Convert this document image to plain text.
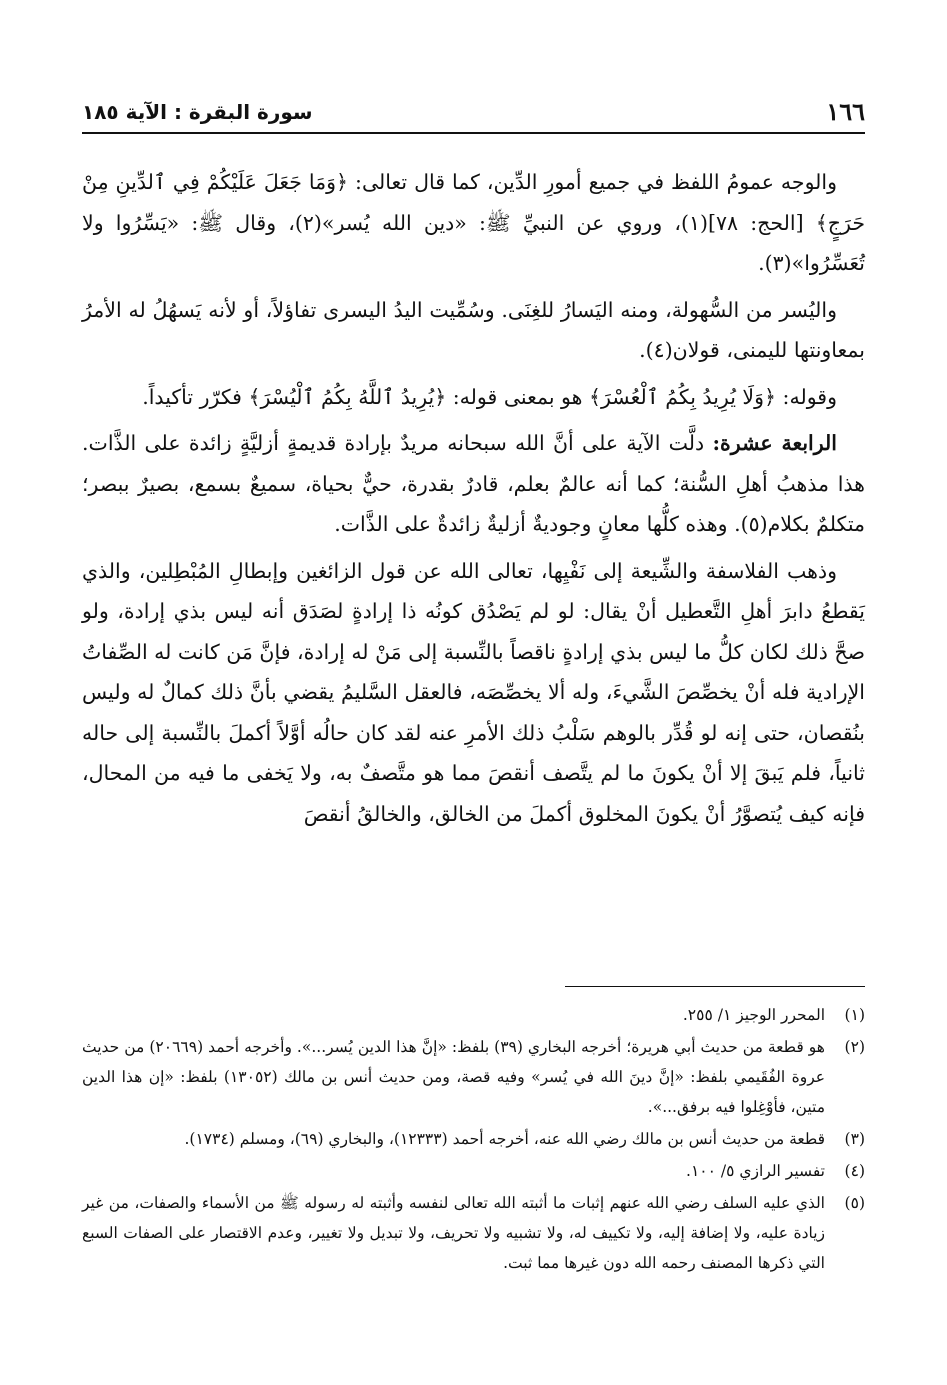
١٦٦
سورة البقرة : الآية ١٨٥

والوجه عمومُ اللفظ في جميع أمورِ الدِّين، كما قال تعالى: ﴿وَمَا جَعَلَ عَلَيْكُمْ فِي ٱلدِّينِ مِنْ حَرَجٍ﴾ [الحج: ٧٨](١)، وروي عن النبيِّ ﷺ: «دين الله يُسر»(٢)، وقال ﷺ: «يَسِّرُوا ولا تُعَسِّرُوا»(٣).

واليُسر من السُّهولة، ومنه اليَسارُ للغِنَى. وسُمِّيت اليدُ اليسرى تفاؤلاً، أو لأنه يَسهُلُ له الأمرُ بمعاونتها لليمنى، قولان(٤).

وقوله: ﴿وَلَا يُرِيدُ بِكُمُ ٱلْعُسْرَ﴾ هو بمعنى قوله: ﴿يُرِيدُ ٱللَّهُ بِكُمُ ٱلْيُسْرَ﴾ فكرّر تأكيداً.

الرابعة عشرة: دلَّت الآية على أنَّ الله سبحانه مريدٌ بإرادة قديمةٍ أزليَّةٍ زائدة على الذَّات. هذا مذهبُ أهلِ السُّنة؛ كما أنه عالمٌ بعلم، قادرٌ بقدرة، حيٌّ بحياة، سميعٌ بسمع، بصيرٌ ببصر؛ متكلمٌ بكلام(٥). وهذه كلُّها معانٍ وجوديةٌ أزليةٌ زائدةٌ على الذَّات.

وذهب الفلاسفة والشِّيعة إلى نَفْيِها، تعالى الله عن قول الزائغين وإبطالِ المُبْطِلين، والذي يَقطعُ دابرَ أهلِ التَّعطيل أنْ يقال: لو لم يَصْدُق كونُه ذا إرادةٍ لصَدَق أنه ليس بذي إرادة، ولو صحَّ ذلك لكان كلُّ ما ليس بذي إرادةٍ ناقصاً بالنِّسبة إلى مَنْ له إرادة، فإنَّ مَن كانت له الصِّفاتُ الإرادية فله أنْ يخصِّصَ الشَّيءَ، وله ألا يخصِّصَه، فالعقل السَّليمُ يقضي بأنَّ ذلك كمالٌ له وليس بنُقصان، حتى إنه لو قُدِّر بالوهم سَلْبُ ذلك الأمرِ عنه لقد كان حالُه أوَّلاً أكملَ بالنِّسبة إلى حاله ثانياً، فلم يَبقَ إلا أنْ يكونَ ما لم يتَّصف أنقصَ مما هو متَّصفٌ به، ولا يَخفى ما فيه من المحال، فإنه كيف يُتصوَّرُ أنْ يكونَ المخلوق أكملَ من الخالق، والخالقُ أنقصَ

(١)
المحرر الوجيز ١/ ٢٥٥.
(٢)
هو قطعة من حديث أبي هريرة؛ أخرجه البخاري (٣٩) بلفظ: «إنَّ هذا الدين يُسر...». وأخرجه أحمد (٢٠٦٦٩) من حديث عروة الفُقَيمي بلفظ: «إنَّ دينَ الله في يُسر» وفيه قصة، ومن حديث أنس بن مالك (١٣٠٥٢) بلفظ: «إن هذا الدين متين، فأوْغِلوا فيه برفق...».
(٣)
قطعة من حديث أنس بن مالك رضي الله عنه، أخرجه أحمد (١٢٣٣٣)، والبخاري (٦٩)، ومسلم (١٧٣٤).
(٤)
تفسير الرازي ٥/ ١٠٠.
(٥)
الذي عليه السلف رضي الله عنهم إثبات ما أثبته الله تعالى لنفسه وأثبته له رسوله ﷺ من الأسماء والصفات، من غير زيادة عليه، ولا إضافة إليه، ولا تكييف له، ولا تشبيه ولا تحريف، ولا تبديل ولا تغيير، وعدم الاقتصار على الصفات السبع التي ذكرها المصنف رحمه الله دون غيرها مما ثبت.
